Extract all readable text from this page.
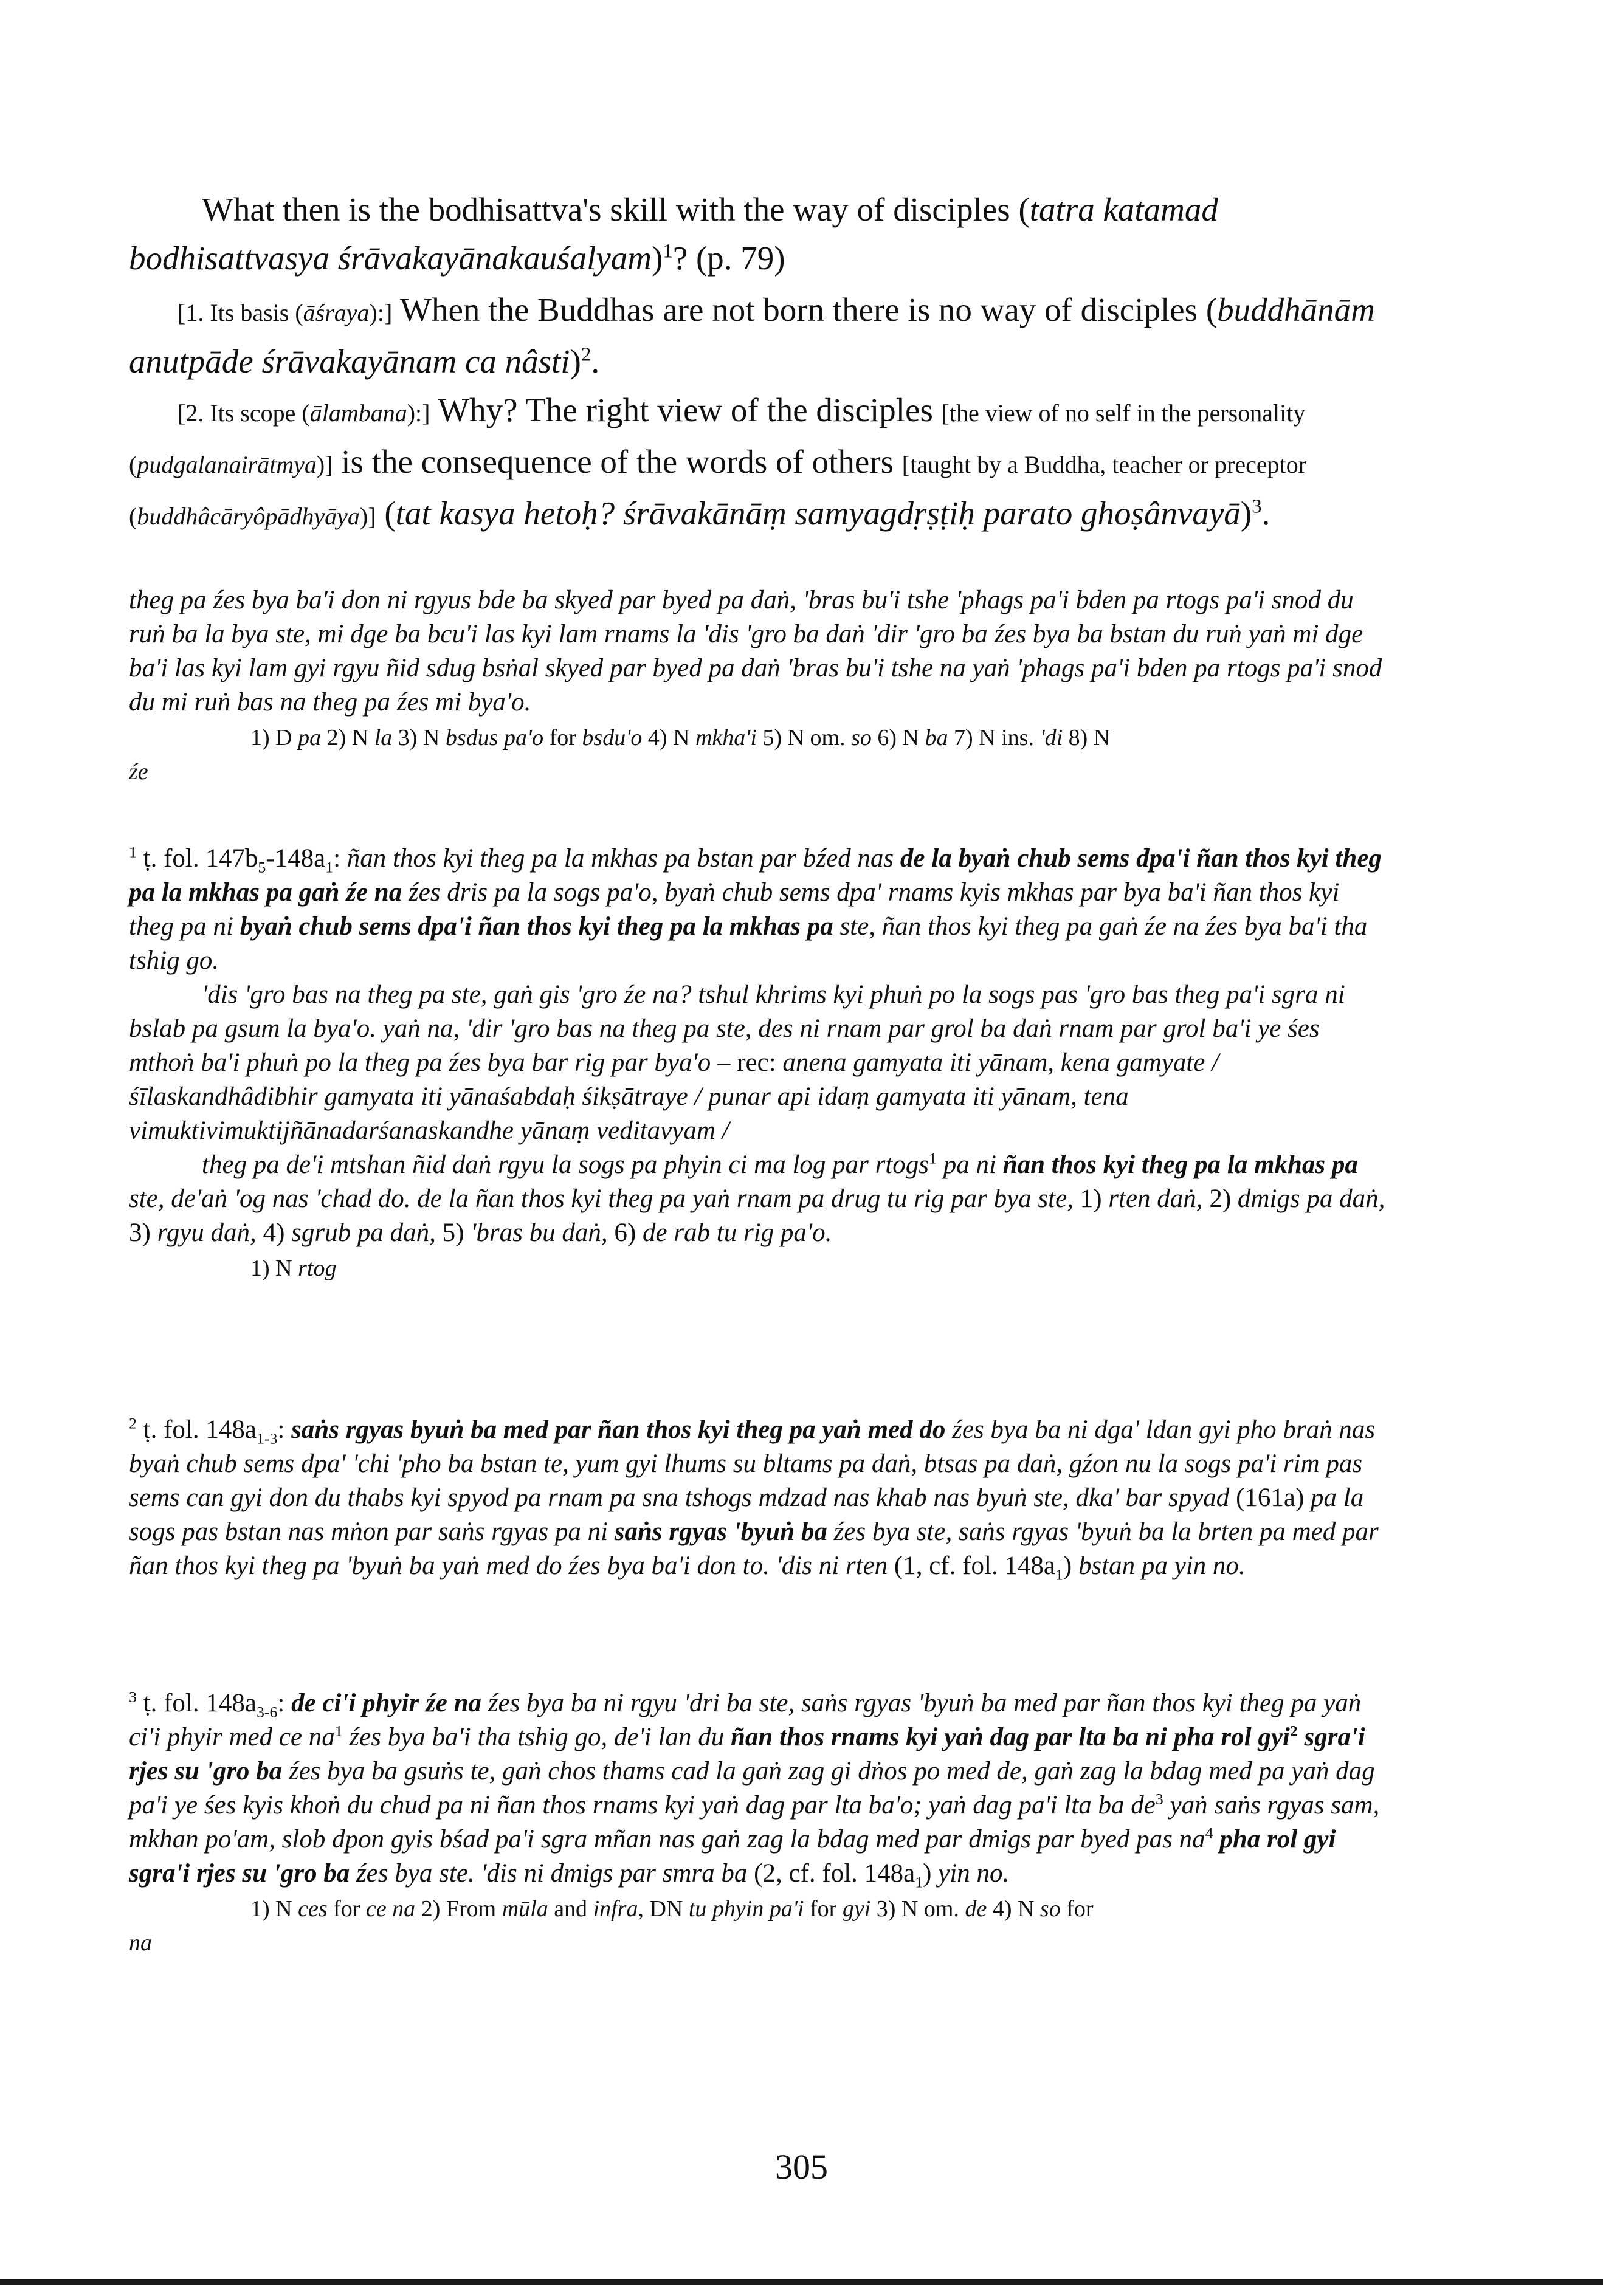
What then is the bodhisattva's skill with the way of disciples (tatra katamad bodhisattvasya śrāvakayānakauśalyam)$^1$? (p. 79)

[1. Its basis (āśraya):] When the Buddhas are not born there is no way of disciples (buddhānām anutpāde śrāvakayānam ca nâsti)$^2$.

[2. Its scope (ālambana):] Why? The right view of the disciples [the view of no self in the personality (pudgalanairātmya)] is the consequence of the words of others [taught by a Buddha, teacher or preceptor (buddhâcāryôpādhyāya)] (tat kasya hetoḥ? śrāvakānāṃ samyagdṛṣṭiḥ parato ghoṣânvayā)$^3$.

theg pa źes bya ba'i don ni rgyus bde ba skyed par byed pa daṅ, 'bras bu'i tshe 'phags pa'i bden pa rtogs pa'i snod du ruṅ ba la bya ste, mi dge ba bcu'i las kyi lam rnams la 'dis 'gro ba daṅ 'dir 'gro ba źes bya ba bstan du ruṅ yaṅ mi dge ba'i las kyi lam gyi rgyu ñid sdug bsṅal skyed par byed pa daṅ 'bras bu'i tshe na yaṅ 'phags pa'i bden pa rtogs pa'i snod du mi ruṅ bas na theg pa źes mi bya'o.

1) D pa 2) N la 3) N bsdus pa'o for bsdu'o 4) N mkha'i 5) N om. so 6) N ba 7) N ins. 'di 8) N

źe

$^1$ ṭ. fol. $147b_5-148a_1$: ñan thos kyi theg pa la mkhas pa bstan par bźed nas de la byaṅ chub sems dpa'i ñan thos kyi theg pa la mkhas pa gaṅ źe na źes dris pa la sogs pa'o, byaṅ chub sems dpa' rnams kyis mkhas par bya ba'i ñan thos kyi theg pa ni byaṅ chub sems dpa'i ñan thos kyi theg pa la mkhas pa ste, ñan thos kyi theg pa gaṅ źe na źes bya ba'i tha tshig go.

'dis 'gro bas na theg pa ste, gaṅ gis 'gro źe na? tshul khrims kyi phuṅ po la sogs pas 'gro bas theg pa'i sgra ni bslab pa gsum la bya'o. yaṅ na, 'dir 'gro bas na theg pa ste, des ni rnam par grol ba daṅ rnam par grol ba'i ye śes mthoṅ ba'i phuṅ po la theg pa źes bya bar rig par bya'o – rec: anena gamyata iti yānam, kena gamyate / śīlaskandhâdibhir gamyata iti yānaśabdaḥ śikṣātraye / punar api idaṃ gamyata iti yānam, tena vimuktivimuktijñānadarśanaskandhe yānaṃ veditavyam /

theg pa de'i mtshan ñid daṅ rgyu la sogs pa phyin ci ma log par rtogs$^1$ pa ni ñan thos kyi theg pa la mkhas pa ste, de'aṅ 'og nas 'chad do. de la ñan thos kyi theg pa yaṅ rnam pa drug tu rig par bya ste, 1) rten daṅ, 2) dmigs pa daṅ, 3) rgyu daṅ, 4) sgrub pa daṅ, 5) 'bras bu daṅ, 6) de rab tu rig pa'o.

1) N rtog

$^2$ ṭ. fol. $148a_{1-3}$: saṅs rgyas byuṅ ba med par ñan thos kyi theg pa yaṅ med do źes bya ba ni dga' ldan gyi pho braṅ nas byaṅ chub sems dpa' 'chi 'pho ba bstan te, yum gyi lhums su bltams pa daṅ, btsas pa daṅ, gźon nu la sogs pa'i rim pas sems can gyi don du thabs kyi spyod pa rnam pa sna tshogs mdzad nas khab nas byuṅ ste, dka' bar spyad (161a) pa la sogs pas bstan nas mṅon par saṅs rgyas pa ni saṅs rgyas 'byuṅ ba źes bya ste, saṅs rgyas 'byuṅ ba la brten pa med par ñan thos kyi theg pa 'byuṅ ba yaṅ med do źes bya ba'i don to. 'dis ni rten (1, cf. fol. $148a_1$) bstan pa yin no.

$^3$ ṭ. fol. $148a_{3-6}$: de ci'i phyir źe na źes bya ba ni rgyu 'dri ba ste, saṅs rgyas 'byuṅ ba med par ñan thos kyi theg pa yaṅ ci'i phyir med ce $na^1$ źes bya ba'i tha tshig go, de'i lan du ñan thos rnams kyi yaṅ dag par lta ba ni pha rol gyi$^2$ sgra'i rjes su 'gro ba źes bya ba gsuṅs te, gaṅ chos thams cad la gaṅ zag gi dṅos po med de, gaṅ zag la bdag med pa yaṅ dag pa'i ye śes kyis khoṅ du chud pa ni ñan thos rnams kyi yaṅ dag par lta ba'o; yaṅ dag pa'i lta ba $de^3$ yaṅ saṅs rgyas sam, mkhan po'am, slob dpon gyis bśad pa'i sgra mñan nas gaṅ zag la bdag med par dmigs par byed pas $na^4$ pha rol gyi sgra'i rjes su 'gro ba źes bya ste. 'dis ni dmigs par smra ba (2, cf. fol. $148a_1$) yin no.

1) N ces for ce na 2) From mūla and infra, DN tu phyin pa'i for gyi 3) N om. de 4) N so for

na

305
